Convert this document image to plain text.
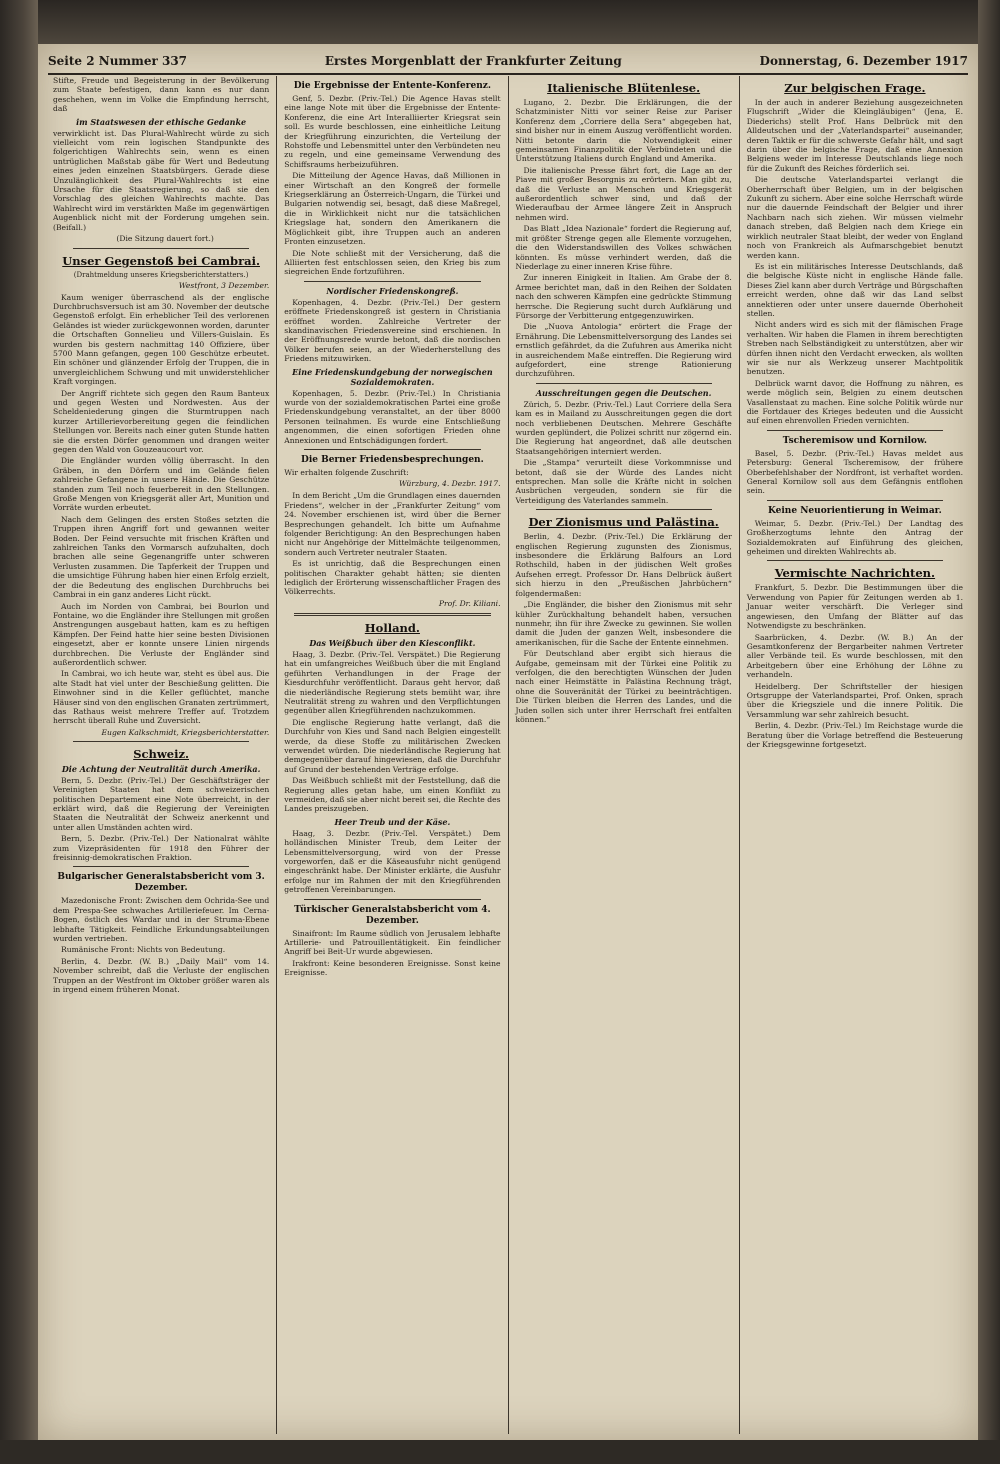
Seite 2 Nummer 337	Erstes Morgenblatt der Frankfurter Zeitung	Donnerstag, 6. Dezember 1917

Stifte, Freude und Begeisterung in der Bevölkerung zum Staate befestigen, dann kann es nur dann geschehen, wenn im Volke die Empfindung herrscht, daß

im Staatswesen der ethische Gedanke

verwirklicht ist. Das Plural-Wahlrecht würde zu sich vielleicht vom rein logischen Standpunkte des folgerichtigen Wahlrechts sein, wenn es einen untrüglichen Maßstab gäbe für Wert und Bedeutung eines jeden einzelnen Staatsbürgers. Gerade diese Unzulänglichkeit des Plural-Wahlrechts ist eine Ursache für die Staatsregierung, so daß sie den Vorschlag des gleichen Wahlrechts machte. Das Wahlrecht wird im verstärkten Maße im gegenwärtigen Augenblick nicht mit der Forderung umgehen sein. (Beifall.)

(Die Sitzung dauert fort.)

Unser Gegenstoß bei Cambrai.
(Drahtmeldung unseres Kriegsberichterstatters.)
Westfront, 3 Dezember.

Kaum weniger überraschend als der englische Durchbruchsversuch ist am 30. November der deutsche Gegenstoß erfolgt. Ein erheblicher Teil des verlorenen Geländes ist wieder zurückgewonnen worden, darunter die Ortschaften Gonnelieu und Villers-Guislain. Es wurden bis gestern nachmittag 140 Offiziere, über 5700 Mann gefangen, gegen 100 Geschütze erbeutet. Ein schöner und glänzender Erfolg der Truppen, die in unvergleichlichem Schwung und mit unwiderstehlicher Kraft vorgingen.

Der Angriff richtete sich gegen den Raum Banteux und gegen Westen und Nordwesten. Aus der Scheldeniederung gingen die Sturmtruppen nach kurzer Artillerievorbereitung gegen die feindlichen Stellungen vor. Bereits nach einer guten Stunde hatten sie die ersten Dörfer genommen und drangen weiter gegen den Wald von Gouzeaucourt vor.

Die Engländer wurden völlig überrascht. In den Gräben, in den Dörfern und im Gelände fielen zahlreiche Gefangene in unsere Hände. Die Geschütze standen zum Teil noch feuerbereit in den Stellungen. Große Mengen von Kriegsgerät aller Art, Munition und Vorräte wurden erbeutet.

Nach dem Gelingen des ersten Stoßes setzten die Truppen ihren Angriff fort und gewannen weiter Boden. Der Feind versuchte mit frischen Kräften und zahlreichen Tanks den Vormarsch aufzuhalten, doch brachen alle seine Gegenangriffe unter schweren Verlusten zusammen. Die Tapferkeit der Truppen und die umsichtige Führung haben hier einen Erfolg erzielt, der die Bedeutung des englischen Durchbruchs bei Cambrai in ein ganz anderes Licht rückt.

Auch im Norden von Cambrai, bei Bourlon und Fontaine, wo die Engländer ihre Stellungen mit großen Anstrengungen ausgebaut hatten, kam es zu heftigen Kämpfen. Der Feind hatte hier seine besten Divisionen eingesetzt, aber er konnte unsere Linien nirgends durchbrechen. Die Verluste der Engländer sind außerordentlich schwer.

In Cambrai, wo ich heute war, steht es übel aus. Die alte Stadt hat viel unter der Beschießung gelitten. Die Einwohner sind in die Keller geflüchtet, manche Häuser sind von den englischen Granaten zertrümmert, das Rathaus weist mehrere Treffer auf. Trotzdem herrscht überall Ruhe und Zuversicht.

Eugen Kalkschmidt, Kriegsberichterstatter.
Schweiz.
Die Achtung der Neutralität durch Amerika.

Bern, 5. Dezbr. (Priv.-Tel.) Der Geschäftsträger der Vereinigten Staaten hat dem schweizerischen politischen Departement eine Note überreicht, in der erklärt wird, daß die Regierung der Vereinigten Staaten die Neutralität der Schweiz anerkennt und unter allen Umständen achten wird.

Bern, 5. Dezbr. (Priv.-Tel.) Der Nationalrat wählte zum Vizepräsidenten für 1918 den Führer der freisinnig-demokratischen Fraktion.

Bulgarischer Generalstabsbericht vom 3. Dezember.

Mazedonische Front: Zwischen dem Ochrida-See und dem Prespa-See schwaches Artilleriefeuer. Im Cerna-Bogen, östlich des Wardar und in der Struma-Ebene lebhafte Tätigkeit. Feindliche Erkundungsabteilungen wurden vertrieben.

Rumänische Front: Nichts von Bedeutung.

Berlin, 4. Dezbr. (W. B.) „Daily Mail“ vom 14. November schreibt, daß die Verluste der englischen Truppen an der Westfront im Oktober größer waren als in irgend einem früheren Monat.

Die Ergebnisse der Entente-Konferenz.

Genf, 5. Dezbr. (Priv.-Tel.) Die Agence Havas stellt eine lange Note mit über die Ergebnisse der Entente-Konferenz, die eine Art Interalliierter Kriegsrat sein soll. Es wurde beschlossen, eine einheitliche Leitung der Kriegführung einzurichten, die Verteilung der Rohstoffe und Lebensmittel unter den Verbündeten neu zu regeln, und eine gemeinsame Verwendung des Schiffsraums herbeizuführen.

Die Mitteilung der Agence Havas, daß Millionen in einer Wirtschaft an den Kongreß der formelle Kriegserklärung an Österreich-Ungarn, die Türkei und Bulgarien notwendig sei, besagt, daß diese Maßregel, die in Wirklichkeit nicht nur die tatsächlichen Kriegslage hat, sondern den Amerikanern die Möglichkeit gibt, ihre Truppen auch an anderen Fronten einzusetzen.

Die Note schließt mit der Versicherung, daß die Alliierten fest entschlossen seien, den Krieg bis zum siegreichen Ende fortzuführen.

Nordischer Friedenskongreß.

Kopenhagen, 4. Dezbr. (Priv.-Tel.) Der gestern eröffnete Friedenskongreß ist gestern in Christiania eröffnet worden. Zahlreiche Vertreter der skandinavischen Friedensvereine sind erschienen. In der Eröffnungsrede wurde betont, daß die nordischen Völker berufen seien, an der Wiederherstellung des Friedens mitzuwirken.

Eine Friedenskundgebung der norwegischen Sozialdemokraten.

Kopenhagen, 5. Dezbr. (Priv.-Tel.) In Christiania wurde von der sozialdemokratischen Partei eine große Friedenskundgebung veranstaltet, an der über 8000 Personen teilnahmen. Es wurde eine Entschließung angenommen, die einen sofortigen Frieden ohne Annexionen und Entschädigungen fordert.

Die Berner Friedensbesprechungen.

Wir erhalten folgende Zuschrift:

Würzburg, 4. Dezbr. 1917.

In dem Bericht „Um die Grundlagen eines dauernden Friedens“, welcher in der „Frankfurter Zeitung“ vom 24. November erschienen ist, wird über die Berner Besprechungen gehandelt. Ich bitte um Aufnahme folgender Berichtigung: An den Besprechungen haben nicht nur Angehörige der Mittelmächte teilgenommen, sondern auch Vertreter neutraler Staaten.

Es ist unrichtig, daß die Besprechungen einen politischen Charakter gehabt hätten; sie dienten lediglich der Erörterung wissenschaftlicher Fragen des Völkerrechts.

Prof. Dr. Kiliani.
Holland.
Das Weißbuch über den Kiesconflikt.

Haag, 3. Dezbr. (Priv.-Tel. Verspätet.) Die Regierung hat ein umfangreiches Weißbuch über die mit England geführten Verhandlungen in der Frage der Kiesdurchfuhr veröffentlicht. Daraus geht hervor, daß die niederländische Regierung stets bemüht war, ihre Neutralität streng zu wahren und den Verpflichtungen gegenüber allen Kriegführenden nachzukommen.

Die englische Regierung hatte verlangt, daß die Durchfuhr von Kies und Sand nach Belgien eingestellt werde, da diese Stoffe zu militärischen Zwecken verwendet würden. Die niederländische Regierung hat demgegenüber darauf hingewiesen, daß die Durchfuhr auf Grund der bestehenden Verträge erfolge.

Das Weißbuch schließt mit der Feststellung, daß die Regierung alles getan habe, um einen Konflikt zu vermeiden, daß sie aber nicht bereit sei, die Rechte des Landes preiszugeben.

Heer Treub und der Käse.

Haag, 3. Dezbr. (Priv.-Tel. Verspätet.) Dem holländischen Minister Treub, dem Leiter der Lebensmittelversorgung, wird von der Presse vorgeworfen, daß er die Käseausfuhr nicht genügend eingeschränkt habe. Der Minister erklärte, die Ausfuhr erfolge nur im Rahmen der mit den Kriegführenden getroffenen Vereinbarungen.

Türkischer Generalstabsbericht vom 4. Dezember.

Sinaifront: Im Raume südlich von Jerusalem lebhafte Artillerie- und Patrouillentätigkeit. Ein feindlicher Angriff bei Beit-Ur wurde abgewiesen.

Irakfront: Keine besonderen Ereignisse. Sonst keine Ereignisse.

Italienische Blütenlese.

Lugano, 2. Dezbr. Die Erklärungen, die der Schatzminister Nitti vor seiner Reise zur Pariser Konferenz dem „Corriere della Sera“ abgegeben hat, sind bisher nur in einem Auszug veröffentlicht worden. Nitti betonte darin die Notwendigkeit einer gemeinsamen Finanzpolitik der Verbündeten und die Unterstützung Italiens durch England und Amerika.

Die italienische Presse fährt fort, die Lage an der Piave mit großer Besorgnis zu erörtern. Man gibt zu, daß die Verluste an Menschen und Kriegsgerät außerordentlich schwer sind, und daß der Wiederaufbau der Armee längere Zeit in Anspruch nehmen wird.

Das Blatt „Idea Nazionale“ fordert die Regierung auf, mit größter Strenge gegen alle Elemente vorzugehen, die den Widerstandswillen des Volkes schwächen könnten. Es müsse verhindert werden, daß die Niederlage zu einer inneren Krise führe.

Zur inneren Einigkeit in Italien. Am Grabe der 8. Armee berichtet man, daß in den Reihen der Soldaten nach den schweren Kämpfen eine gedrückte Stimmung herrsche. Die Regierung sucht durch Aufklärung und Fürsorge der Verbitterung entgegenzuwirken.

Die „Nuova Antologia“ erörtert die Frage der Ernährung. Die Lebensmittelversorgung des Landes sei ernstlich gefährdet, da die Zufuhren aus Amerika nicht in ausreichendem Maße eintreffen. Die Regierung wird aufgefordert, eine strenge Rationierung durchzuführen.

Ausschreitungen gegen die Deutschen.

Zürich, 5. Dezbr. (Priv.-Tel.) Laut Corriere della Sera kam es in Mailand zu Ausschreitungen gegen die dort noch verbliebenen Deutschen. Mehrere Geschäfte wurden geplündert, die Polizei schritt nur zögernd ein. Die Regierung hat angeordnet, daß alle deutschen Staatsangehörigen interniert werden.

Die „Stampa“ verurteilt diese Vorkommnisse und betont, daß sie der Würde des Landes nicht entsprechen. Man solle die Kräfte nicht in solchen Ausbrüchen vergeuden, sondern sie für die Verteidigung des Vaterlandes sammeln.

Der Zionismus und Palästina.

Berlin, 4. Dezbr. (Priv.-Tel.) Die Erklärung der englischen Regierung zugunsten des Zionismus, insbesondere die Erklärung Balfours an Lord Rothschild, haben in der jüdischen Welt großes Aufsehen erregt. Professor Dr. Hans Delbrück äußert sich hierzu in den „Preußischen Jahrbüchern“ folgendermaßen:

„Die Engländer, die bisher den Zionismus mit sehr kühler Zurückhaltung behandelt haben, versuchen nunmehr, ihn für ihre Zwecke zu gewinnen. Sie wollen damit die Juden der ganzen Welt, insbesondere die amerikanischen, für die Sache der Entente einnehmen.

Für Deutschland aber ergibt sich hieraus die Aufgabe, gemeinsam mit der Türkei eine Politik zu verfolgen, die den berechtigten Wünschen der Juden nach einer Heimstätte in Palästina Rechnung trägt, ohne die Souveränität der Türkei zu beeinträchtigen. Die Türken bleiben die Herren des Landes, und die Juden sollen sich unter ihrer Herrschaft frei entfalten können.“

Zur belgischen Frage.

In der auch in anderer Beziehung ausgezeichneten Flugschrift „Wider die Kleingläubigen“ (Jena, E. Diederichs) stellt Prof. Hans Delbrück mit den Alldeutschen und der „Vaterlandspartei“ auseinander, deren Taktik er für die schwerste Gefahr hält, und sagt darin über die belgische Frage, daß eine Annexion Belgiens weder im Interesse Deutschlands liege noch für die Zukunft des Reiches förderlich sei.

Die deutsche Vaterlandspartei verlangt die Oberherrschaft über Belgien, um in der belgischen Zukunft zu sichern. Aber eine solche Herrschaft würde nur die dauernde Feindschaft der Belgier und ihrer Nachbarn nach sich ziehen. Wir müssen vielmehr danach streben, daß Belgien nach dem Kriege ein wirklich neutraler Staat bleibt, der weder von England noch von Frankreich als Aufmarschgebiet benutzt werden kann.

Es ist ein militärisches Interesse Deutschlands, daß die belgische Küste nicht in englische Hände falle. Dieses Ziel kann aber durch Verträge und Bürgschaften erreicht werden, ohne daß wir das Land selbst annektieren oder unter unsere dauernde Oberhoheit stellen.

Nicht anders wird es sich mit der flämischen Frage verhalten. Wir haben die Flamen in ihrem berechtigten Streben nach Selbständigkeit zu unterstützen, aber wir dürfen ihnen nicht den Verdacht erwecken, als wollten wir sie nur als Werkzeug unserer Machtpolitik benutzen.

Delbrück warnt davor, die Hoffnung zu nähren, es werde möglich sein, Belgien zu einem deutschen Vasallenstaat zu machen. Eine solche Politik würde nur die Fortdauer des Krieges bedeuten und die Aussicht auf einen ehrenvollen Frieden vernichten.

Tscheremisow und Kornilow.

Basel, 5. Dezbr. (Priv.-Tel.) Havas meldet aus Petersburg: General Tscheremisow, der frühere Oberbefehlshaber der Nordfront, ist verhaftet worden. General Kornilow soll aus dem Gefängnis entflohen sein.

Keine Neuorientierung in Weimar.

Weimar, 5. Dezbr. (Priv.-Tel.) Der Landtag des Großherzogtums lehnte den Antrag der Sozialdemokraten auf Einführung des gleichen, geheimen und direkten Wahlrechts ab.

Vermischte Nachrichten.

Frankfurt, 5. Dezbr. Die Bestimmungen über die Verwendung von Papier für Zeitungen werden ab 1. Januar weiter verschärft. Die Verleger sind angewiesen, den Umfang der Blätter auf das Notwendigste zu beschränken.

Saarbrücken, 4. Dezbr. (W. B.) An der Gesamtkonferenz der Bergarbeiter nahmen Vertreter aller Verbände teil. Es wurde beschlossen, mit den Arbeitgebern über eine Erhöhung der Löhne zu verhandeln.

Heidelberg. Der Schriftsteller der hiesigen Ortsgruppe der Vaterlandspartei, Prof. Onken, sprach über die Kriegsziele und die innere Politik. Die Versammlung war sehr zahlreich besucht.

Berlin, 4. Dezbr. (Priv.-Tel.) Im Reichstage wurde die Beratung über die Vorlage betreffend die Besteuerung der Kriegsgewinne fortgesetzt.
